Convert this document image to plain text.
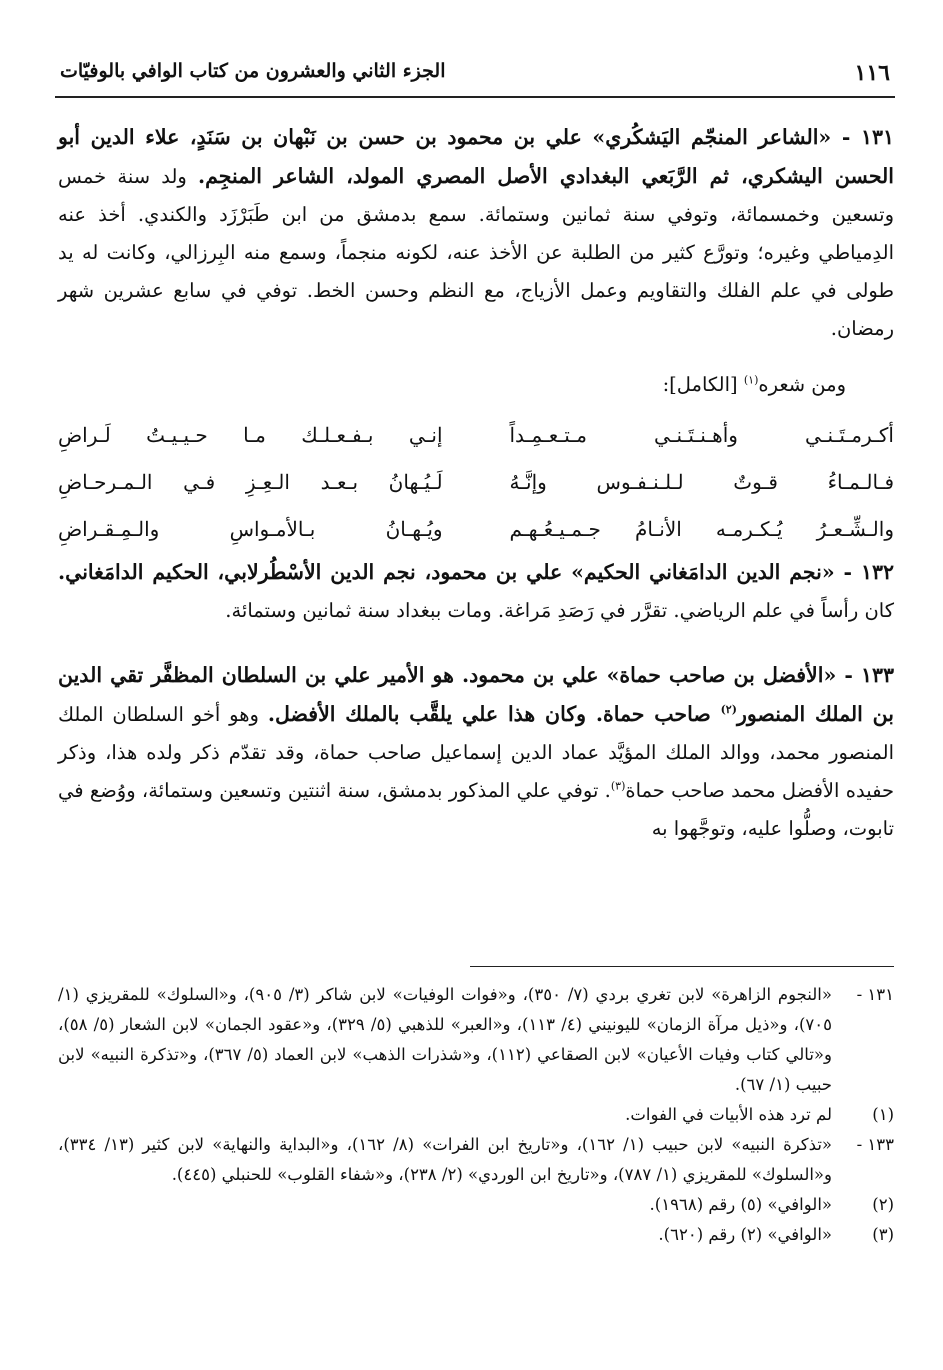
١١٦
الجزء الثاني والعشرون من كتاب الوافي بالوفيّات

١٣١ - «الشاعر المنجّم اليَشكُري» علي بن محمود بن حسن بن نَبْهان بن سَنَدٍ، علاء الدين أبو الحسن اليشكري، ثم الرَّبَعي البغدادي الأصل المصري المولد، الشاعر المنجِم. ولد سنة خمس وتسعين وخمسمائة، وتوفي سنة ثمانين وستمائة. سمع بدمشق من ابن طَبَرْزَد والكندي. أخذ عنه الدِمياطي وغيره؛ وتورَّع كثير من الطلبة عن الأخذ عنه، لكونه منجماً، وسمع منه البِرزالي، وكانت له يد طولى في علم الفلك والتقاويم وعمل الأزياج، مع النظم وحسن الخط. توفي في سابع عشرين شهر رمضان.

ومن شعره$^{(١)}$ [الكامل]:

أكـرمـتَـنـي وأهـنـتَـنـي مـتـعـمِـداً
إنـي بـفـعـلـك مـا حـيـيـتُ لَـراضِ
فـالـمـاءُ قـوتٌ لـلـنـفـوس وإنَّـهُ
لَـيُـهانُ بـعـد الـعِـزِ فـي الـمـرحـاضِ
والـشِّـعـرُ يُـكـرمـه الأنـامُ جـمـيـعُـهـم
ويُـهـانُ بـالأمـواسِ والـمِـقـراضِ

١٣٢ - «نجم الدين الدامَغاني الحكيم» علي بن محمود، نجم الدين الأسْطُرلابي، الحكيم الدامَغاني. كان رأساً في علم الرياضي. تقرَّر في رَصَدِ مَراغة. ومات ببغداد سنة ثمانين وستمائة.

١٣٣ - «الأفضل بن صاحب حماة» علي بن محمود. هو الأمير علي بن السلطان المظفَّر تقي الدين بن الملك المنصور$^{(٢)}$ صاحب حماة. وكان هذا علي يلقَّب بالملك الأفضل. وهو أخو السلطان الملك المنصور محمد، ووالد الملك المؤيَّد عماد الدين إسماعيل صاحب حماة، وقد تقدّم ذكر ولده هذا، وذكر حفيده الأفضل محمد صاحب حماة$^{(٣)}$. توفي علي المذكور بدمشق، سنة اثنتين وتسعين وستمائة، ووُضع في تابوت، وصلُّوا عليه، وتوجَّهوا به

١٣١ -
«النجوم الزاهرة» لابن تغري بردي (٧/ ٣٥٠)، و«فوات الوفيات» لابن شاكر (٣/ ٩٠٥)، و«السلوك» للمقريزي (١/ ٧٠٥)، و«ذيل مرآة الزمان» لليونيني (٤/ ١١٣)، و«العبر» للذهبي (٥/ ٣٢٩)، و«عقود الجمان» لابن الشعار (٥/ ٥٨)، و«تالي كتاب وفيات الأعيان» لابن الصقاعي (١١٢)، و«شذرات الذهب» لابن العماد (٥/ ٣٦٧)، و«تذكرة النبيه» لابن حبيب (١/ ٦٧).
(١)
لم ترد هذه الأبيات في الفوات.
١٣٣ -
«تذكرة النبيه» لابن حبيب (١/ ١٦٢)، و«تاريخ ابن الفرات» (٨/ ١٦٢)، و«البداية والنهاية» لابن كثير (١٣/ ٣٣٤)، و«السلوك» للمقريزي (١/ ٧٨٧)، و«تاريخ ابن الوردي» (٢/ ٢٣٨)، و«شفاء القلوب» للحنبلي (٤٤٥).
(٢)
«الوافي» (٥) رقم (١٩٦٨).
(٣)
«الوافي» (٢) رقم (٦٢٠).
